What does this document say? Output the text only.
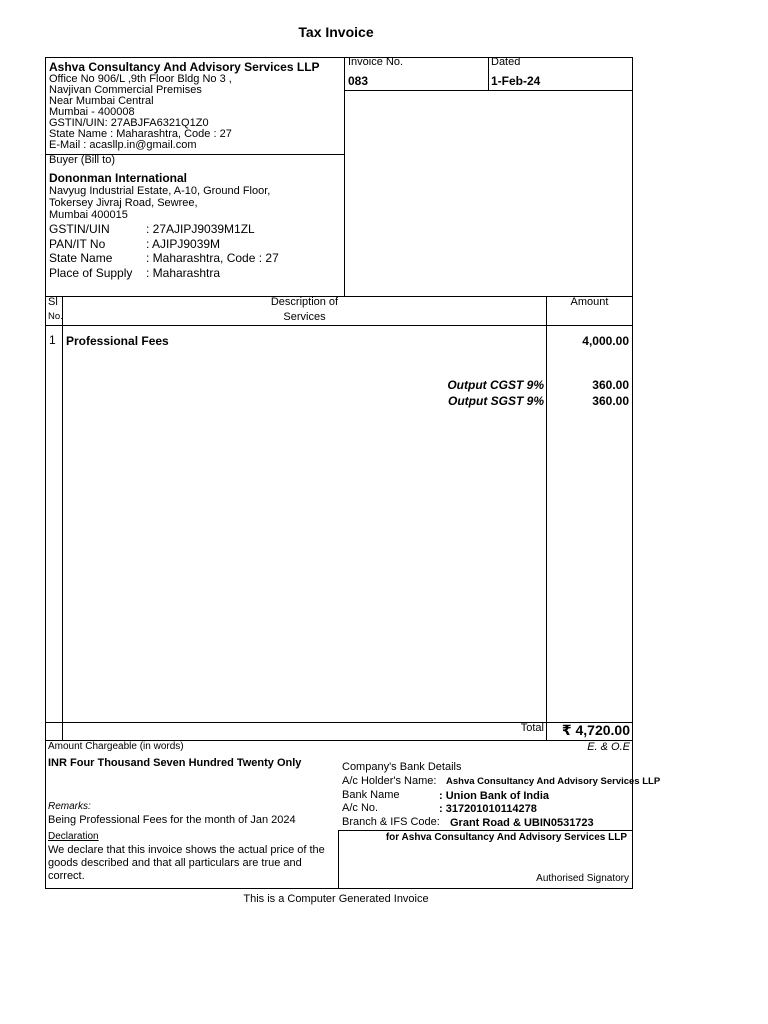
Tax Invoice
Ashva Consultancy And Advisory Services LLP
Office No 906/L ,9th Floor Bldg No 3 ,
Navjivan Commercial Premises
Near Mumbai Central
Mumbai - 400008
GSTIN/UIN: 27ABJFA6321Q1Z0
State Name : Maharashtra, Code : 27
E-Mail : acasllp.in@gmail.com
Invoice No.
083
Dated
1-Feb-24
Buyer (Bill to)
Dononman International
Navyug Industrial Estate, A-10, Ground Floor,
Tokersey Jivraj Road, Sewree,
Mumbai 400015
GSTIN/UIN	: 27AJIPJ9039M1ZL
PAN/IT No	: AJIPJ9039M
State Name	: Maharashtra, Code : 27
Place of Supply : Maharashtra
Sl
No.
Description of
Services
Amount
1 Professional Fees	4,000.00
Output CGST 9%	360.00
Output SGST 9%	360.00
Total	₹ 4,720.00
Amount Chargeable (in words)	E. & O.E
INR Four Thousand Seven Hundred Twenty Only
Remarks:
Being Professional Fees for the month of Jan 2024
Declaration
We declare that this invoice shows the actual price of the
goods described and that all particulars are true and
correct.
Company's Bank Details
A/c Holder's Name: Ashva Consultancy And Advisory Services LLP
Bank Name	: Union Bank of India
A/c No.	: 317201010114278
Branch & IFS Code: Grant Road & UBIN0531723
for Ashva Consultancy And Advisory Services LLP
Authorised Signatory
This is a Computer Generated Invoice
